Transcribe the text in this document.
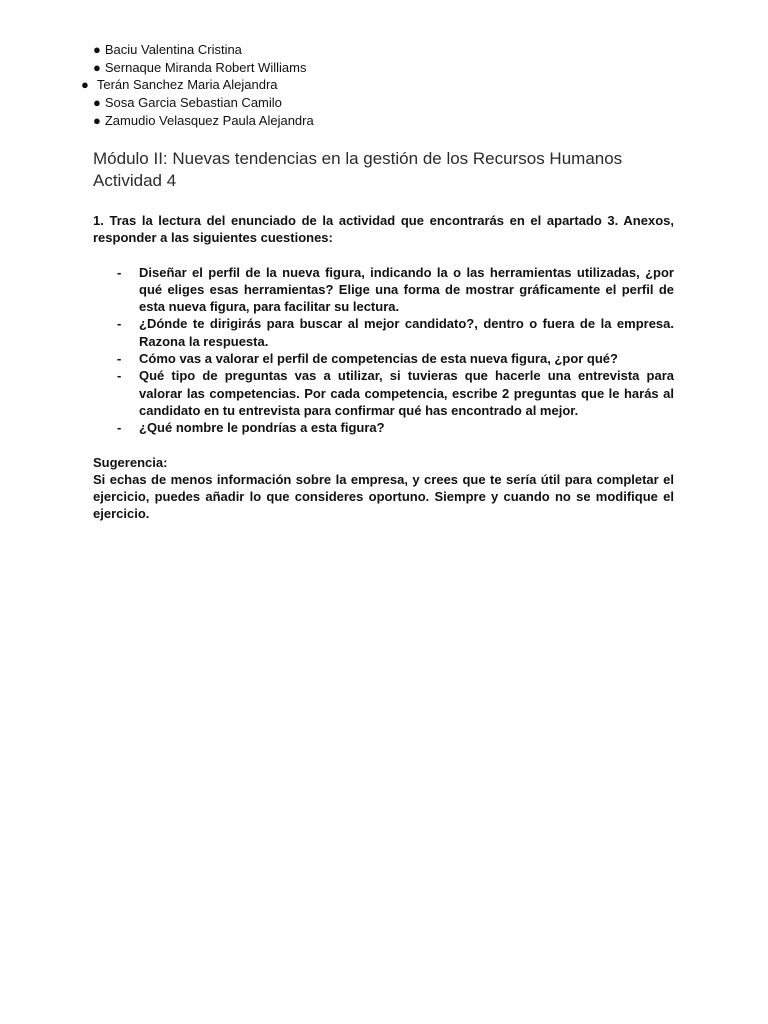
● Baciu Valentina Cristina
● Sernaque Miranda Robert Williams
● Terán Sanchez Maria Alejandra
● Sosa Garcia Sebastian Camilo
● Zamudio Velasquez Paula Alejandra
Módulo II: Nuevas tendencias en la gestión de los Recursos Humanos
Actividad 4

1. Tras la lectura del enunciado de la actividad que encontrarás en el apartado 3. Anexos, responder a las siguientes cuestiones:

- Diseñar el perfil de la nueva figura, indicando la o las herramientas utilizadas, ¿por qué eliges esas herramientas? Elige una forma de mostrar gráficamente el perfil de esta nueva figura, para facilitar su lectura.
- ¿Dónde te dirigirás para buscar al mejor candidato?, dentro o fuera de la empresa. Razona la respuesta.
- Cómo vas a valorar el perfil de competencias de esta nueva figura, ¿por qué?
- Qué tipo de preguntas vas a utilizar, si tuvieras que hacerle una entrevista para valorar las competencias. Por cada competencia, escribe 2 preguntas que le harás al candidato en tu entrevista para confirmar qué has encontrado al mejor.
- ¿Qué nombre le pondrías a esta figura?

Sugerencia:

Si echas de menos información sobre la empresa, y crees que te sería útil para completar el ejercicio, puedes añadir lo que consideres oportuno. Siempre y cuando no se modifique el ejercicio.
